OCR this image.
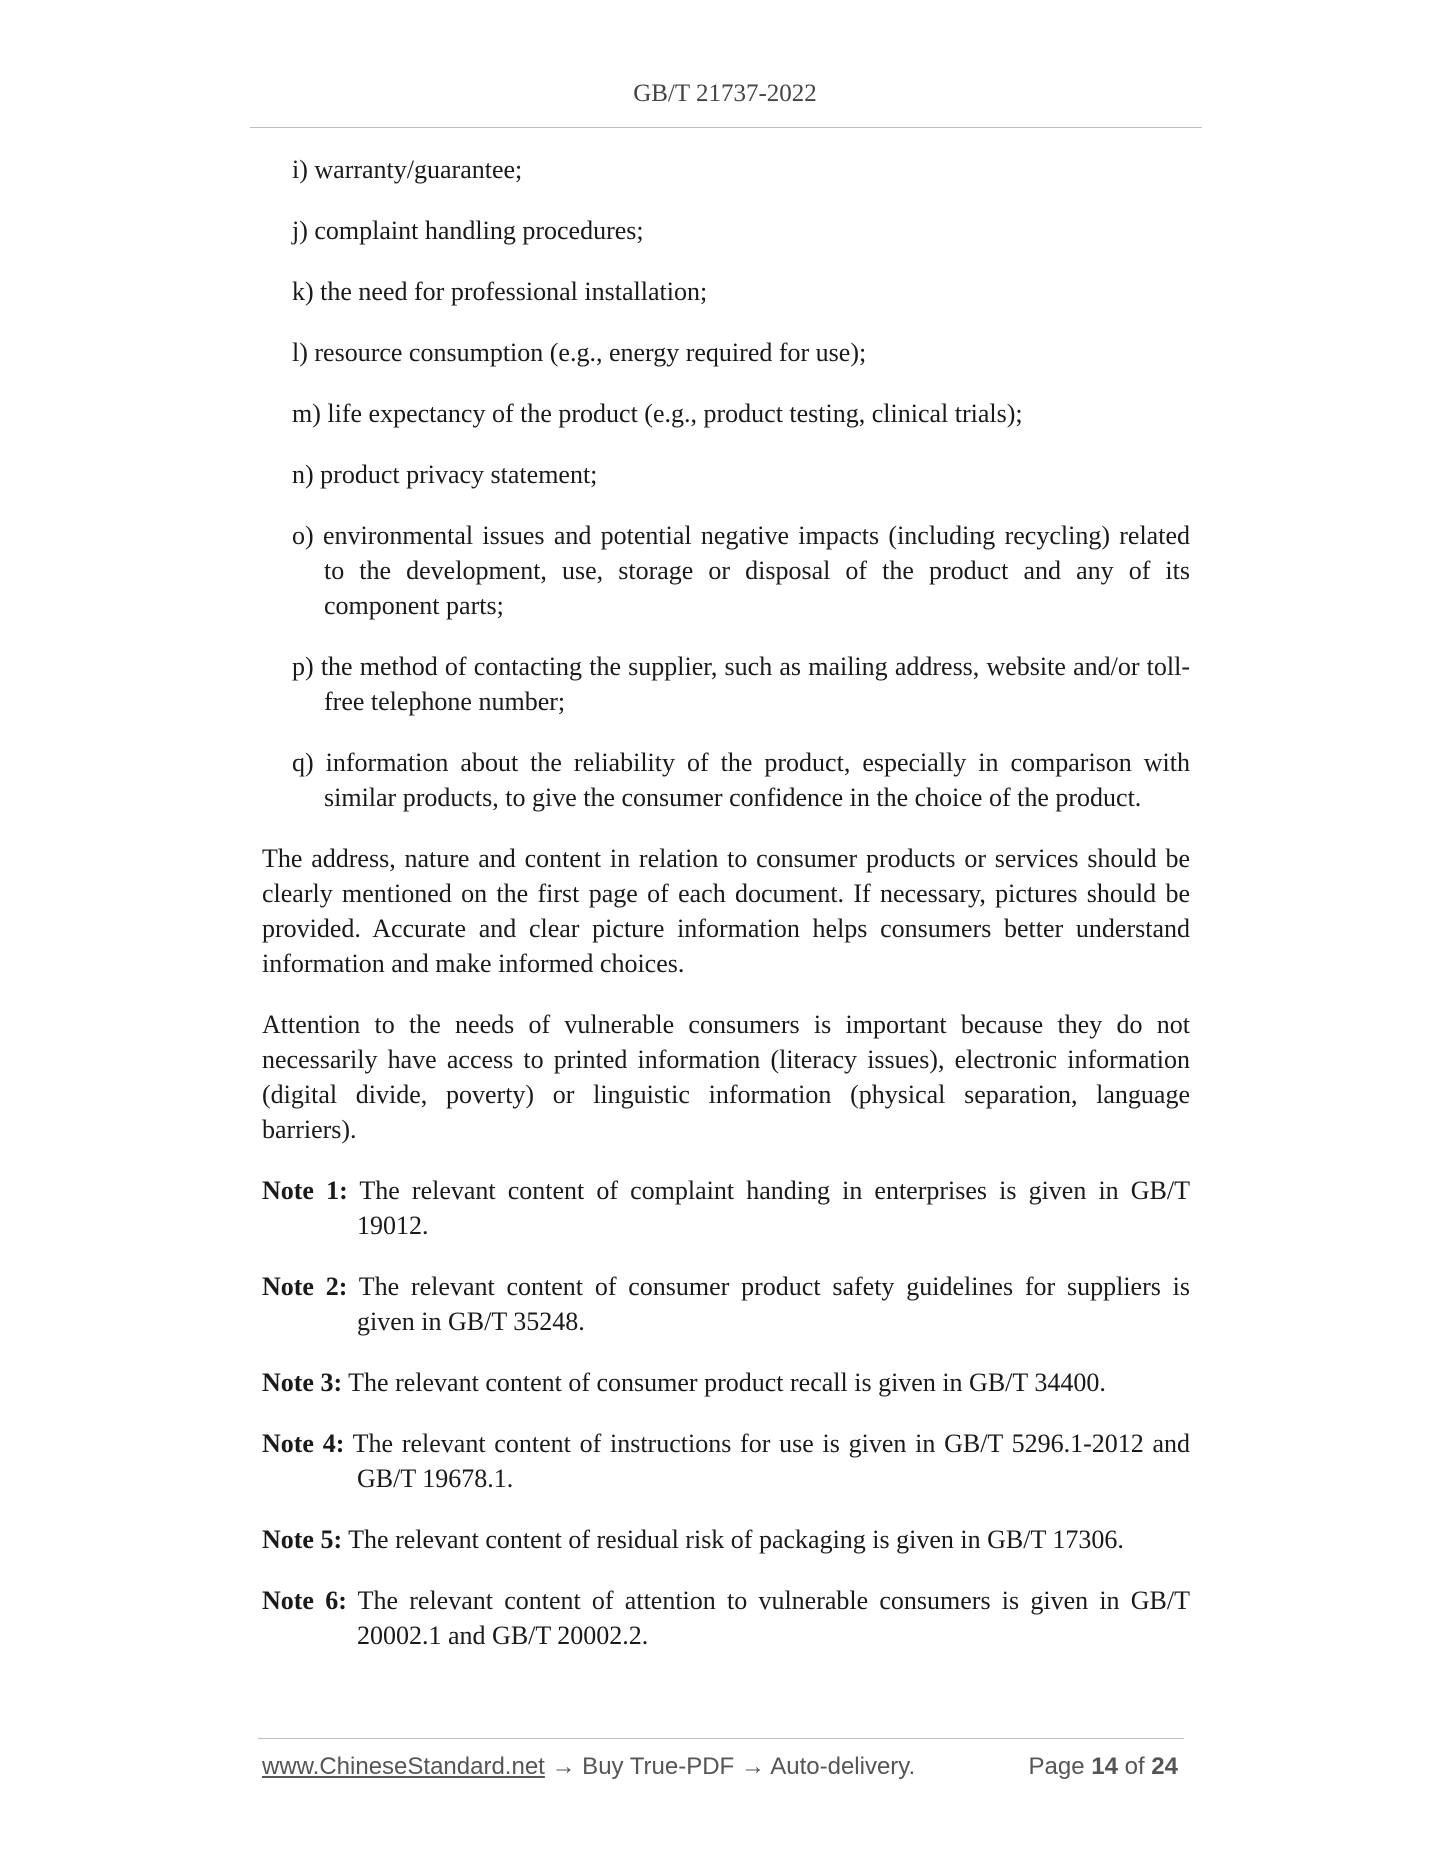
GB/T 21737-2022
i) warranty/guarantee;
j) complaint handling procedures;
k) the need for professional installation;
l) resource consumption (e.g., energy required for use);
m) life expectancy of the product (e.g., product testing, clinical trials);
n) product privacy statement;
o) environmental issues and potential negative impacts (including recycling) related to the development, use, storage or disposal of the product and any of its component parts;
p) the method of contacting the supplier, such as mailing address, website and/or toll-free telephone number;
q) information about the reliability of the product, especially in comparison with similar products, to give the consumer confidence in the choice of the product.
The address, nature and content in relation to consumer products or services should be clearly mentioned on the first page of each document. If necessary, pictures should be provided. Accurate and clear picture information helps consumers better understand information and make informed choices.
Attention to the needs of vulnerable consumers is important because they do not necessarily have access to printed information (literacy issues), electronic information (digital divide, poverty) or linguistic information (physical separation, language barriers).
Note 1: The relevant content of complaint handing in enterprises is given in GB/T 19012.
Note 2: The relevant content of consumer product safety guidelines for suppliers is given in GB/T 35248.
Note 3: The relevant content of consumer product recall is given in GB/T 34400.
Note 4: The relevant content of instructions for use is given in GB/T 5296.1-2012 and GB/T 19678.1.
Note 5: The relevant content of residual risk of packaging is given in GB/T 17306.
Note 6: The relevant content of attention to vulnerable consumers is given in GB/T 20002.1 and GB/T 20002.2.
www.ChineseStandard.net → Buy True-PDF → Auto-delivery.	Page 14 of 24
